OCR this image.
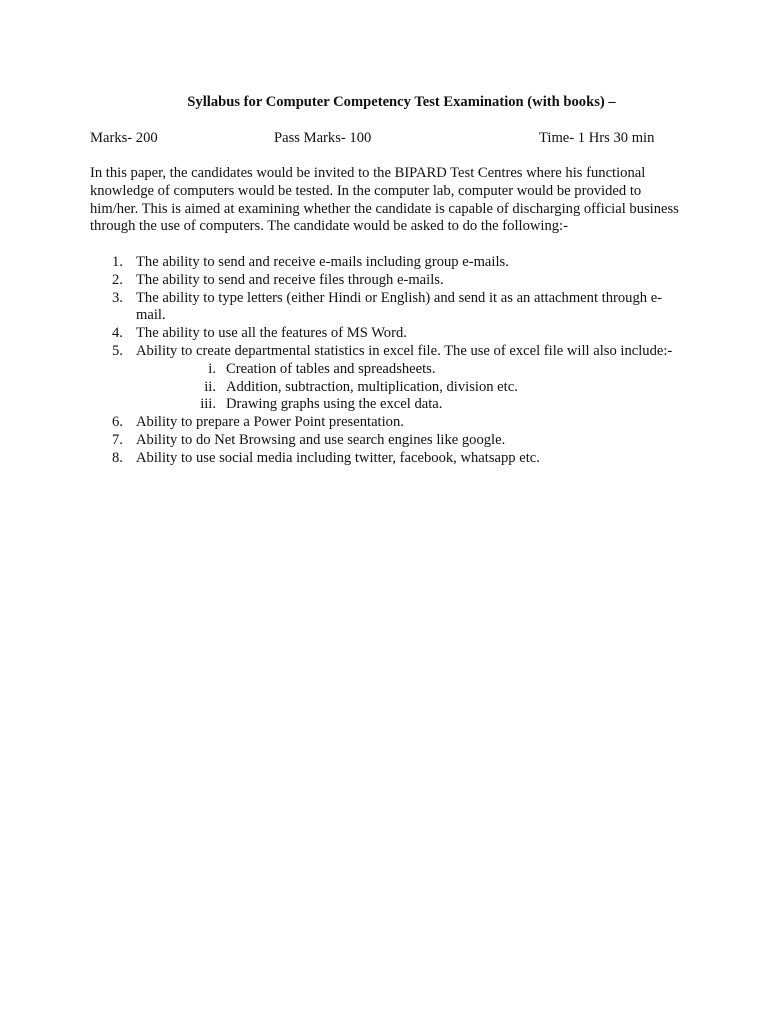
Syllabus for Computer Competency Test Examination (with books) –
Marks- 200	Pass Marks- 100	Time- 1 Hrs 30 min

In this paper, the candidates would be invited to the BIPARD Test Centres where his functional knowledge of computers would be tested. In the computer lab, computer would be provided to him/her. This is aimed at examining whether the candidate is capable of discharging official business through the use of computers. The candidate would be asked to do the following:-

1. The ability to send and receive e-mails including group e-mails.
2. The ability to send and receive files through e-mails.
3. The ability to type letters (either Hindi or English) and send it as an attachment through e-mail.
4. The ability to use all the features of MS Word.
5. Ability to create departmental statistics in excel file. The use of excel file will also include:-
i. Creation of tables and spreadsheets.
ii. Addition, subtraction, multiplication, division etc.
iii. Drawing graphs using the excel data.
6. Ability to prepare a Power Point presentation.
7. Ability to do Net Browsing and use search engines like google.
8. Ability to use social media including twitter, facebook, whatsapp etc.
